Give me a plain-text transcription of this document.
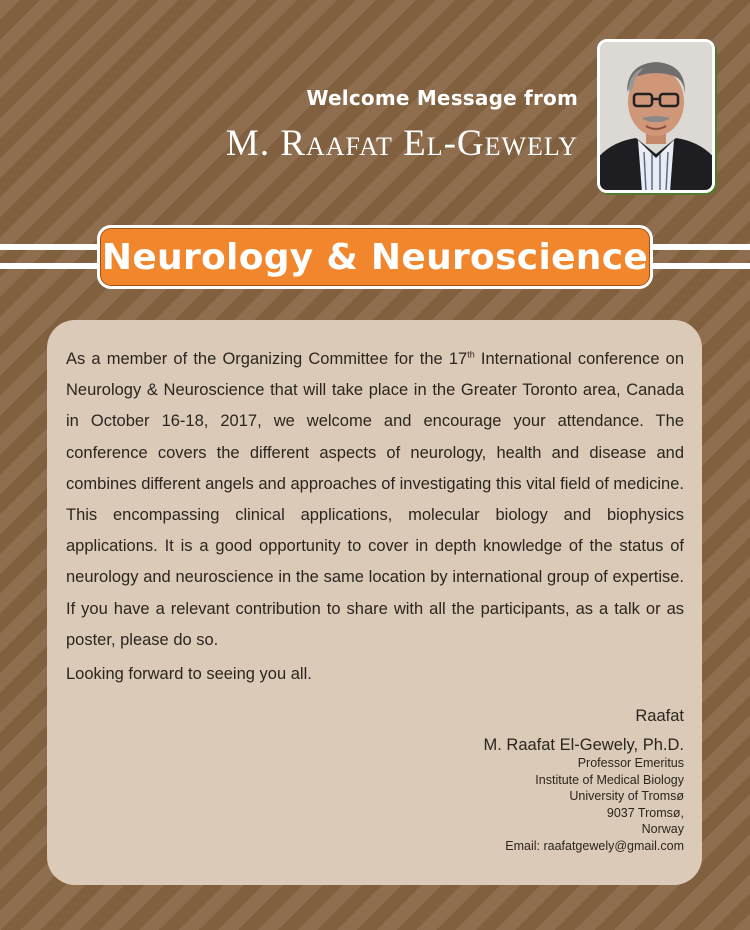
Welcome Message from
M. Raafat El-Gewely
Neurology & Neuroscience

As a member of the Organizing Committee for the 17th International conference on Neurology & Neuroscience that will take place in the Greater Toronto area, Canada in October 16-18, 2017, we welcome and encourage your attendance. The conference covers the different aspects of neurology, health and disease and combines different angels and approaches of investigating this vital field of medicine. This encompassing clinical applications, molecular biology and biophysics applications. It is a good opportunity to cover in depth knowledge of the status of neurology and neuroscience in the same location by international group of expertise. If you have a relevant contribution to share with all the participants, as a talk or as poster, please do so.

Looking forward to seeing you all.

Raafat
M. Raafat El-Gewely, Ph.D.
Professor Emeritus
Institute of Medical Biology
University of Tromsø
9037 Tromsø,
Norway
Email: raafatgewely@gmail.com
